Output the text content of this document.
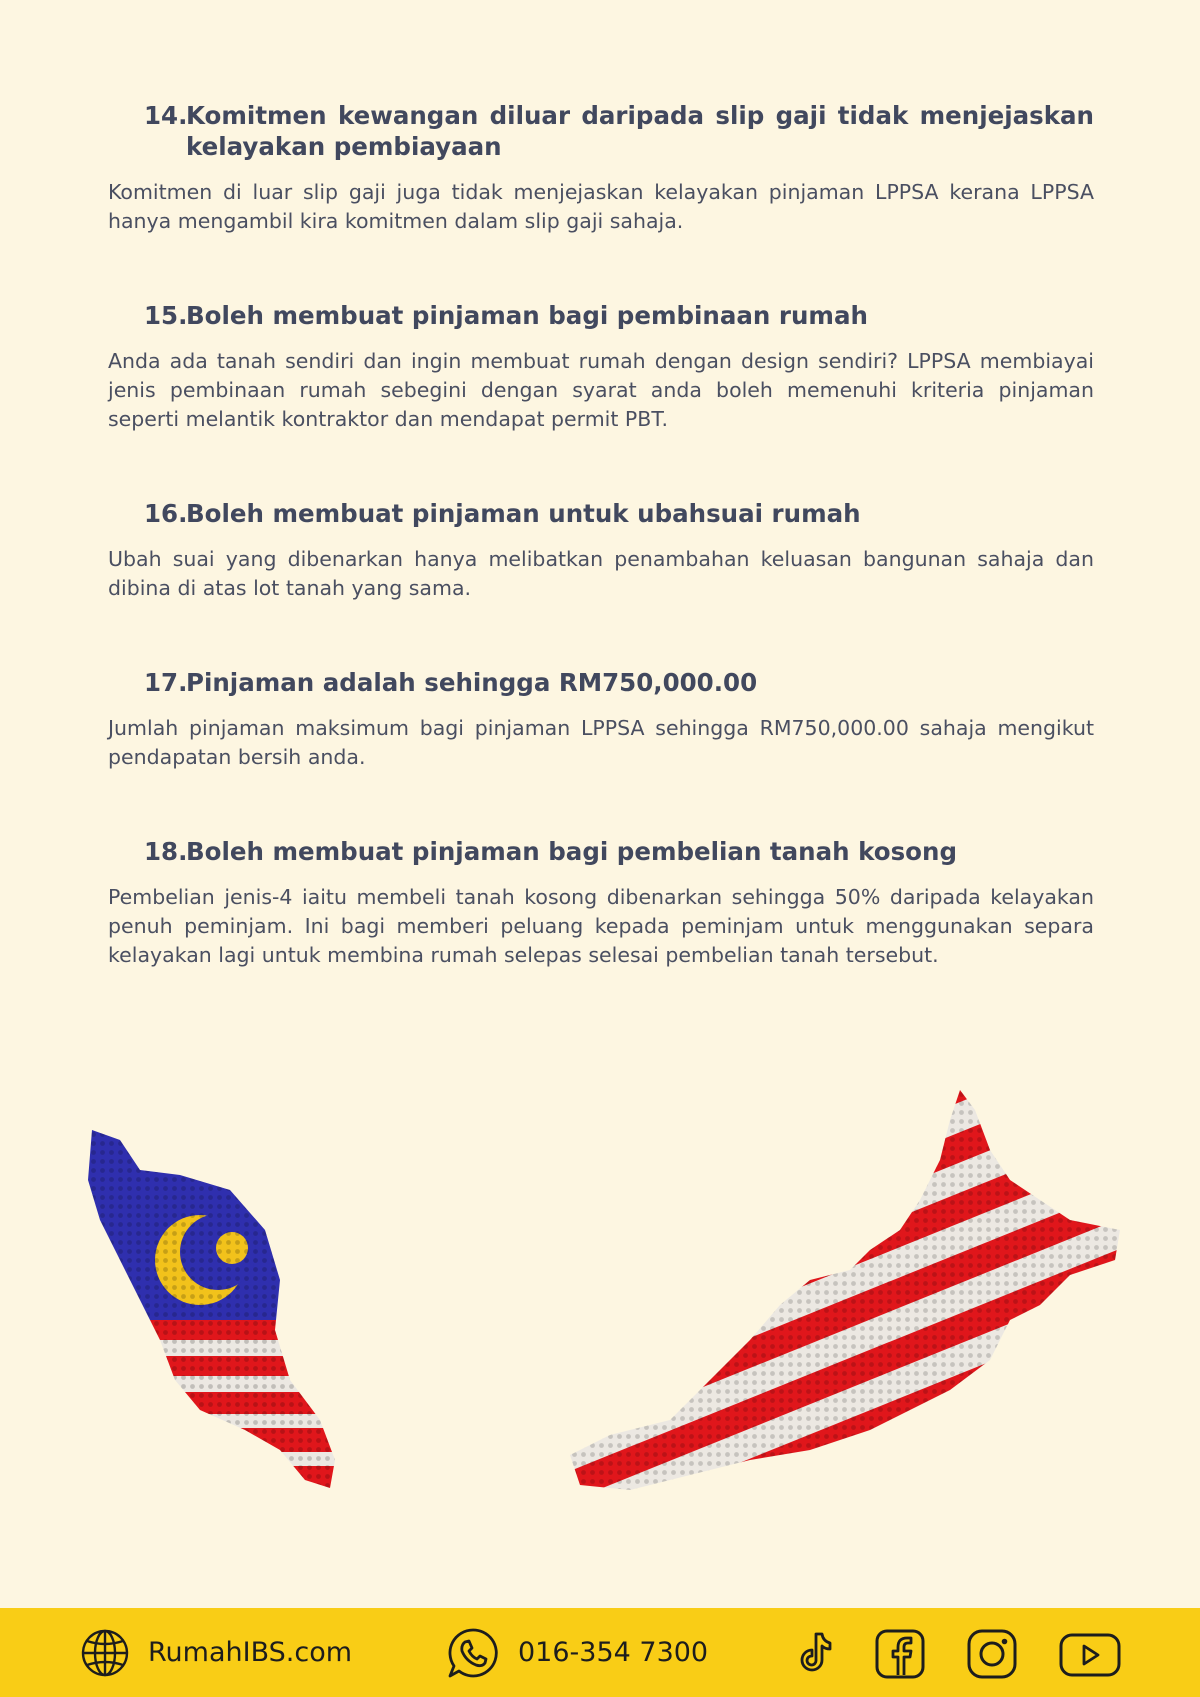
14.
Komitmen kewangan diluar daripada slip gaji tidak menjejaskan kelayakan pembiayaan

Komitmen di luar slip gaji juga tidak menjejaskan kelayakan pinjaman LPPSA kerana LPPSA hanya mengambil kira komitmen dalam slip gaji sahaja.

15.
Boleh membuat pinjaman bagi pembinaan rumah

Anda ada tanah sendiri dan ingin membuat rumah dengan design sendiri? LPPSA membiayai jenis pembinaan rumah sebegini dengan syarat anda boleh memenuhi kriteria pinjaman seperti melantik kontraktor dan mendapat permit PBT.

16.
Boleh membuat pinjaman untuk ubahsuai rumah

Ubah suai yang dibenarkan hanya melibatkan penambahan keluasan bangunan sahaja dan dibina di atas lot tanah yang sama.

17.
Pinjaman adalah sehingga RM750,000.00

Jumlah pinjaman maksimum bagi pinjaman LPPSA sehingga RM750,000.00 sahaja mengikut pendapatan bersih anda.

18.
Boleh membuat pinjaman bagi pembelian tanah kosong

Pembelian jenis-4 iaitu membeli tanah kosong dibenarkan sehingga 50% daripada kelayakan penuh peminjam. Ini bagi memberi peluang kepada peminjam untuk menggunakan separa kelayakan lagi untuk membina rumah selepas selesai pembelian tanah tersebut.

RumahIBS.com	016-354 7300
